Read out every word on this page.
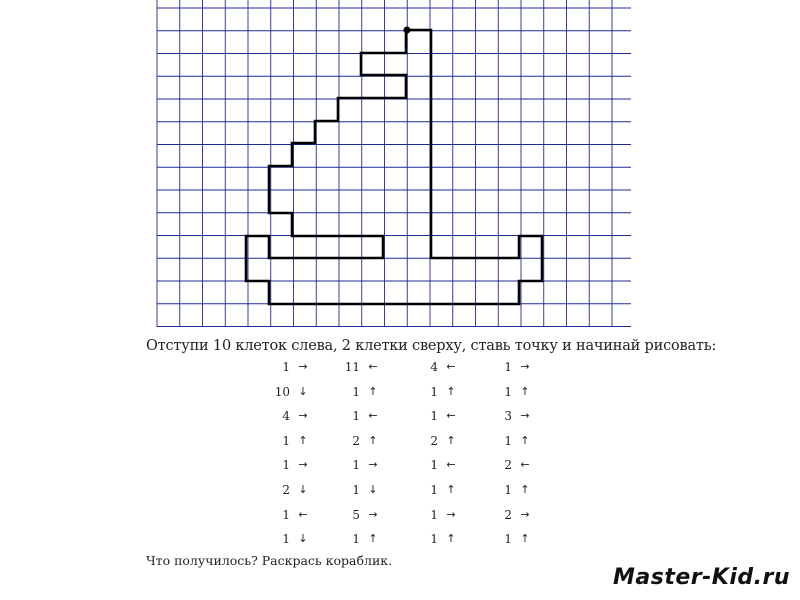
Отступи 10 клеток слева, 2 клетки сверху, ставь точку и начинай рисовать:
1 →
10 ↓
4 →
1 ↑
1 →
2 ↓
1 ←
1 ↓
11 ←
1 ↑
1 ←
2 ↑
1 →
1 ↓
5 →
1 ↑
4 ←
1 ↑
1 ←
2 ↑
1 ←
1 ↑
1 →
1 ↑
1 →
1 ↑
3 →
1 ↑
2 ←
1 ↑
2 →
1 ↑
Что получилось? Раскрась кораблик.
Master-Kid.ru
